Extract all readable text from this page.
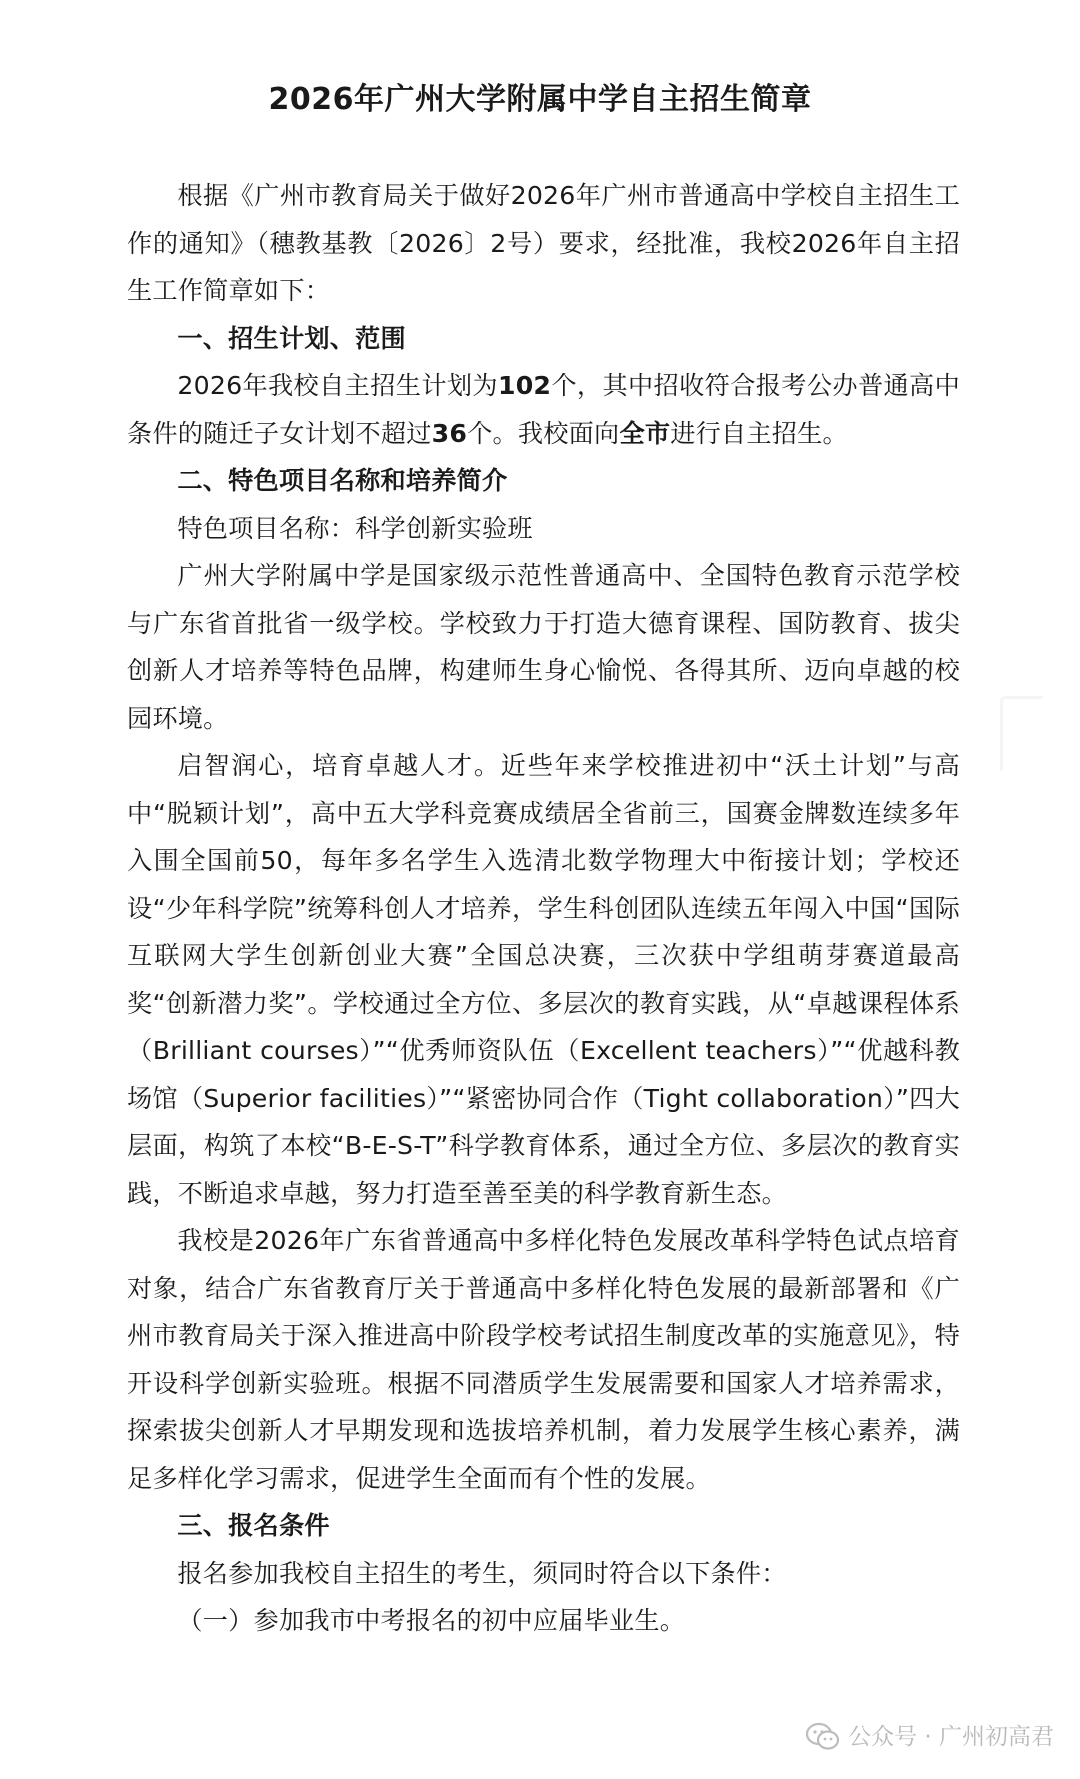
2026年广州大学附属中学自主招生简章

根据《广州市教育局关于做好2026年广州市普通高中学校自主招生工作的通知》（穗教基教〔2026〕2号）要求，经批准，我校2026年自主招生工作简章如下：

一、招生计划、范围

2026年我校自主招生计划为102个，其中招收符合报考公办普通高中条件的随迁子女计划不超过36个。我校面向全市进行自主招生。

二、特色项目名称和培养简介

特色项目名称：科学创新实验班

广州大学附属中学是国家级示范性普通高中、全国特色教育示范学校与广东省首批省一级学校。学校致力于打造大德育课程、国防教育、拔尖创新人才培养等特色品牌，构建师生身心愉悦、各得其所、迈向卓越的校园环境。

启智润心，培育卓越人才。近些年来学校推进初中“沃土计划”与高中“脱颖计划”，高中五大学科竞赛成绩居全省前三，国赛金牌数连续多年入围全国前50，每年多名学生入选清北数学物理大中衔接计划；学校还设“少年科学院”统筹科创人才培养，学生科创团队连续五年闯入中国“国际互联网大学生创新创业大赛”全国总决赛，三次获中学组萌芽赛道最高奖“创新潜力奖”。学校通过全方位、多层次的教育实践，从“卓越课程体系（Brilliant courses）”“优秀师资队伍（Excellent teachers）”“优越科教场馆（Superior facilities）”“紧密协同合作（Tight collaboration）”四大层面，构筑了本校“B-E-S-T”科学教育体系，通过全方位、多层次的教育实践，不断追求卓越，努力打造至善至美的科学教育新生态。

我校是2026年广东省普通高中多样化特色发展改革科学特色试点培育对象，结合广东省教育厅关于普通高中多样化特色发展的最新部署和《广州市教育局关于深入推进高中阶段学校考试招生制度改革的实施意见》，特开设科学创新实验班。根据不同潜质学生发展需要和国家人才培养需求，探索拔尖创新人才早期发现和选拔培养机制，着力发展学生核心素养，满足多样化学习需求，促进学生全面而有个性的发展。

三、报名条件

报名参加我校自主招生的考生，须同时符合以下条件：

（一）参加我市中考报名的初中应届毕业生。

公众号 · 广州初高君
